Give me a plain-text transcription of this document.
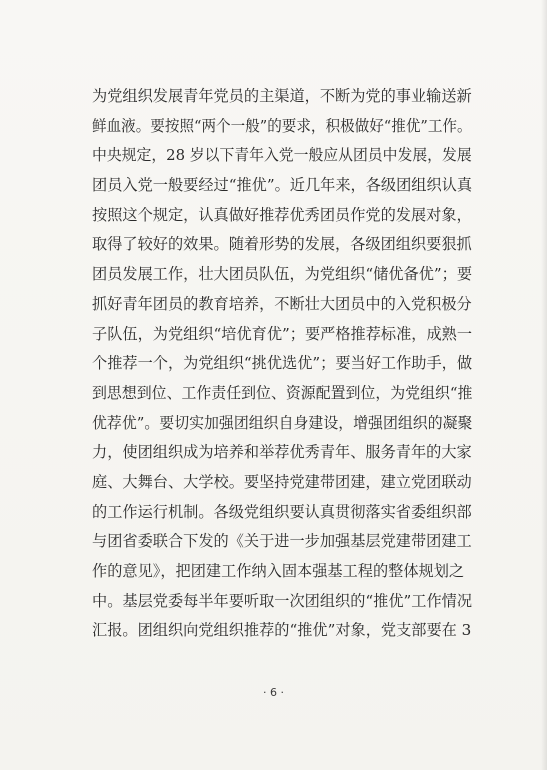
为党组织发展青年党员的主渠道，不断为党的事业输送新
鲜血液。要按照“两个一般”的要求，积极做好“推优”工作。
中央规定，28 岁以下青年入党一般应从团员中发展，发展
团员入党一般要经过“推优”。近几年来，各级团组织认真
按照这个规定，认真做好推荐优秀团员作党的发展对象，
取得了较好的效果。随着形势的发展，各级团组织要狠抓
团员发展工作，壮大团员队伍，为党组织“储优备优”；要
抓好青年团员的教育培养，不断壮大团员中的入党积极分
子队伍，为党组织“培优育优”；要严格推荐标准，成熟一
个推荐一个，为党组织“挑优选优”；要当好工作助手，做
到思想到位、工作责任到位、资源配置到位，为党组织“推
优荐优”。要切实加强团组织自身建设，增强团组织的凝聚
力，使团组织成为培养和举荐优秀青年、服务青年的大家
庭、大舞台、大学校。要坚持党建带团建，建立党团联动
的工作运行机制。各级党组织要认真贯彻落实省委组织部
与团省委联合下发的《关于进一步加强基层党建带团建工
作的意见》，把团建工作纳入固本强基工程的整体规划之
中。基层党委每半年要听取一次团组织的“推优”工作情况
汇报。团组织向党组织推荐的“推优”对象，党支部要在 3
· 6 ·
